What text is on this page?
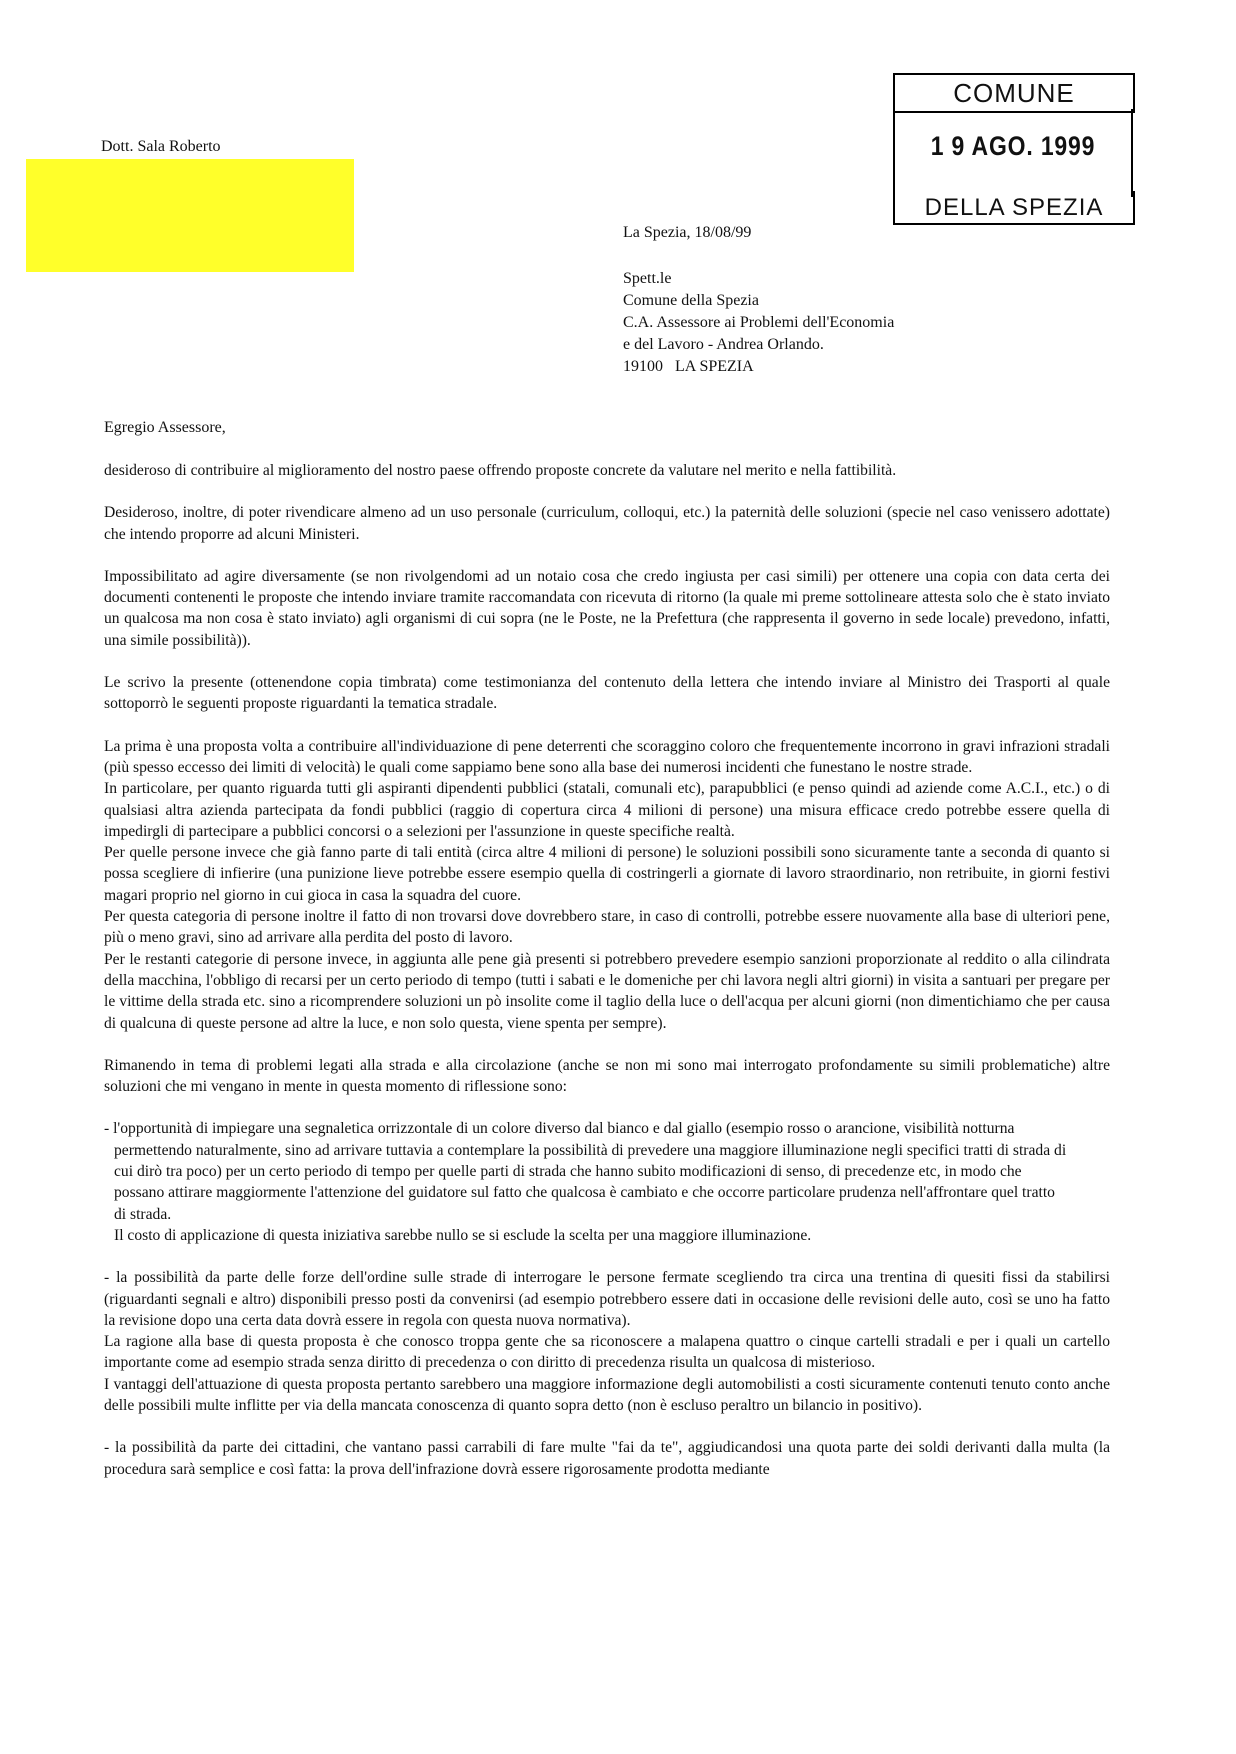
Dott. Sala Roberto
COMUNE
1 9 AGO. 1999
DELLA SPEZIA
La Spezia, 18/08/99
Spett.le
Comune della Spezia
C.A. Assessore ai Problemi dell'Economia
e del Lavoro - Andrea Orlando.
19100   LA SPEZIA
Egregio Assessore,

desideroso di contribuire al miglioramento del nostro paese offrendo proposte concrete da valutare nel merito e nella fattibilità.

Desideroso, inoltre, di poter rivendicare almeno ad un uso personale (curriculum, colloqui, etc.) la paternità delle soluzioni (specie nel caso venissero adottate) che intendo proporre ad alcuni Ministeri.

Impossibilitato ad agire diversamente (se non rivolgendomi ad un notaio cosa che credo ingiusta per casi simili) per ottenere una copia con data certa dei documenti contenenti le proposte che intendo inviare tramite raccomandata con ricevuta di ritorno (la quale mi preme sottolineare attesta solo che è stato inviato un qualcosa ma non cosa è stato inviato) agli organismi di cui sopra (ne le Poste, ne la Prefettura (che rappresenta il governo in sede locale) prevedono, infatti, una simile possibilità)).

Le scrivo la presente (ottenendone copia timbrata) come testimonianza del contenuto della lettera che intendo inviare al Ministro dei Trasporti al quale sottoporrò le seguenti proposte riguardanti la tematica stradale.

La prima è una proposta volta a contribuire all'individuazione di pene deterrenti che scoraggino coloro che frequentemente incorrono in gravi infrazioni stradali (più spesso eccesso dei limiti di velocità) le quali come sappiamo bene sono alla base dei numerosi incidenti che funestano le nostre strade.

In particolare, per quanto riguarda tutti gli aspiranti dipendenti pubblici (statali, comunali etc), parapubblici (e penso quindi ad aziende come A.C.I., etc.) o di qualsiasi altra azienda partecipata da fondi pubblici (raggio di copertura circa 4 milioni di persone) una misura efficace credo potrebbe essere quella di impedirgli di partecipare a pubblici concorsi o a selezioni per l'assunzione in queste specifiche realtà.

Per quelle persone invece che già fanno parte di tali entità (circa altre 4 milioni di persone) le soluzioni possibili sono sicuramente tante a seconda di quanto si possa scegliere di infierire (una punizione lieve potrebbe essere esempio quella di costringerli a giornate di lavoro straordinario, non retribuite, in giorni festivi magari proprio nel giorno in cui gioca in casa la squadra del cuore.

Per questa categoria di persone inoltre il fatto di non trovarsi dove dovrebbero stare, in caso di controlli, potrebbe essere nuovamente alla base di ulteriori pene, più o meno gravi, sino ad arrivare alla perdita del posto di lavoro.

Per le restanti categorie di persone invece, in aggiunta alle pene già presenti si potrebbero prevedere esempio sanzioni proporzionate al reddito o alla cilindrata della macchina, l'obbligo di recarsi per un certo periodo di tempo (tutti i sabati e le domeniche per chi lavora negli altri giorni) in visita a santuari per pregare per le vittime della strada etc. sino a ricomprendere soluzioni un pò insolite come il taglio della luce o dell'acqua per alcuni giorni (non dimentichiamo che per causa di qualcuna di queste persone ad altre la luce, e non solo questa, viene spenta per sempre).

Rimanendo in tema di problemi legati alla strada e alla circolazione (anche se non mi sono mai interrogato profondamente su simili problematiche) altre soluzioni che mi vengano in mente in questa momento di riflessione sono:

- l'opportunità di impiegare una segnaletica orrizzontale di un colore diverso dal bianco e dal giallo (esempio rosso o arancione, visibilità notturna permettendo naturalmente, sino ad arrivare tuttavia a contemplare la possibilità di prevedere una maggiore illuminazione negli specifici tratti di strada di cui dirò tra poco) per un certo periodo di tempo per quelle parti di strada che hanno subito modificazioni di senso, di precedenze etc, in modo che possano attirare maggiormente l'attenzione del guidatore sul fatto che qualcosa è cambiato e che occorre particolare prudenza nell'affrontare quel tratto di strada.

Il costo di applicazione di questa iniziativa sarebbe nullo se si esclude la scelta per una maggiore illuminazione.

- la possibilità da parte delle forze dell'ordine sulle strade di interrogare le persone fermate scegliendo tra circa una trentina di quesiti fissi da stabilirsi (riguardanti segnali e altro) disponibili presso posti da convenirsi (ad esempio potrebbero essere dati in occasione delle revisioni delle auto, così se uno ha fatto la revisione dopo una certa data dovrà essere in regola con questa nuova normativa).

La ragione alla base di questa proposta è che conosco troppa gente che sa riconoscere a malapena quattro o cinque cartelli stradali e per i quali un cartello importante come ad esempio strada senza diritto di precedenza o con diritto di precedenza risulta un qualcosa di misterioso.

I vantaggi dell'attuazione di questa proposta pertanto sarebbero una maggiore informazione degli automobilisti a costi sicuramente contenuti tenuto conto anche delle possibili multe inflitte per via della mancata conoscenza di quanto sopra detto (non è escluso peraltro un bilancio in positivo).

- la possibilità da parte dei cittadini, che vantano passi carrabili di fare multe "fai da te", aggiudicandosi una quota parte dei soldi derivanti dalla multa (la procedura sarà semplice e così fatta: la prova dell'infrazione dovrà essere rigorosamente prodotta mediante
